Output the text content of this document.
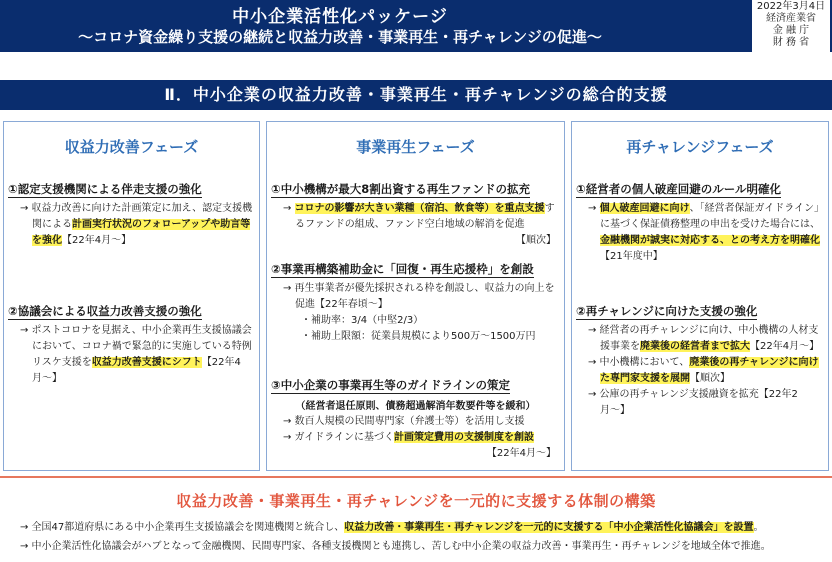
中小企業活性化パッケージ
〜コロナ資金繰り支援の継続と収益力改善・事業再生・再チャレンジの促進〜
2022年3月4日
経済産業省
金 融 庁
財 務 省
Ⅱ．中小企業の収益力改善・事業再生・再チャレンジの総合的支援
収益力改善フェーズ
①認定支援機関による伴走支援の強化
→ 収益力改善に向けた計画策定に加え、認定支援機関による計画実行状況のフォローアップや助言等を強化【22年4月〜】
②協議会による収益力改善支援の強化
→ ポストコロナを見据え、中小企業再生支援協議会において、コロナ禍で緊急的に実施している特例リスケ支援を収益力改善支援にシフト【22年4月〜】
事業再生フェーズ
①中小機構が最大8割出資する再生ファンドの拡充
→ コロナの影響が大きい業種（宿泊、飲食等）を重点支援するファンドの組成、ファンド空白地域の解消を促進
【順次】
②事業再構築補助金に「回復・再生応援枠」を創設
→ 再生事業者が優先採択される枠を創設し、収益力の向上を促進【22年春頃〜】
・補助率：3/4（中堅2/3）
・補助上限額：従業員規模により500万〜1500万円
③中小企業の事業再生等のガイドラインの策定
（経営者退任原則、債務超過解消年数要件等を緩和）
→ 数百人規模の民間専門家（弁護士等）を活用し支援
→ ガイドラインに基づく計画策定費用の支援制度を創設
【22年4月〜】
再チャレンジフェーズ
①経営者の個人破産回避のルール明確化
→ 個人破産回避に向け、「経営者保証ガイドライン」に基づく保証債務整理の申出を受けた場合には、金融機関が誠実に対応する、との考え方を明確化【21年度中】
②再チャレンジに向けた支援の強化
→ 経営者の再チャレンジに向け、中小機構の人材支援事業を廃業後の経営者まで拡大【22年4月〜】
→ 中小機構において、廃業後の再チャレンジに向けた専門家支援を展開【順次】
→ 公庫の再チャレンジ支援融資を拡充【22年2月〜】
収益力改善・事業再生・再チャレンジを一元的に支援する体制の構築
→ 全国47都道府県にある中小企業再生支援協議会を関連機関と統合し、収益力改善・事業再生・再チャレンジを一元的に支援する「中小企業活性化協議会」を設置。
→ 中小企業活性化協議会がハブとなって金融機関、民間専門家、各種支援機関とも連携し、苦しむ中小企業の収益力改善・事業再生・再チャレンジを地域全体で推進。
